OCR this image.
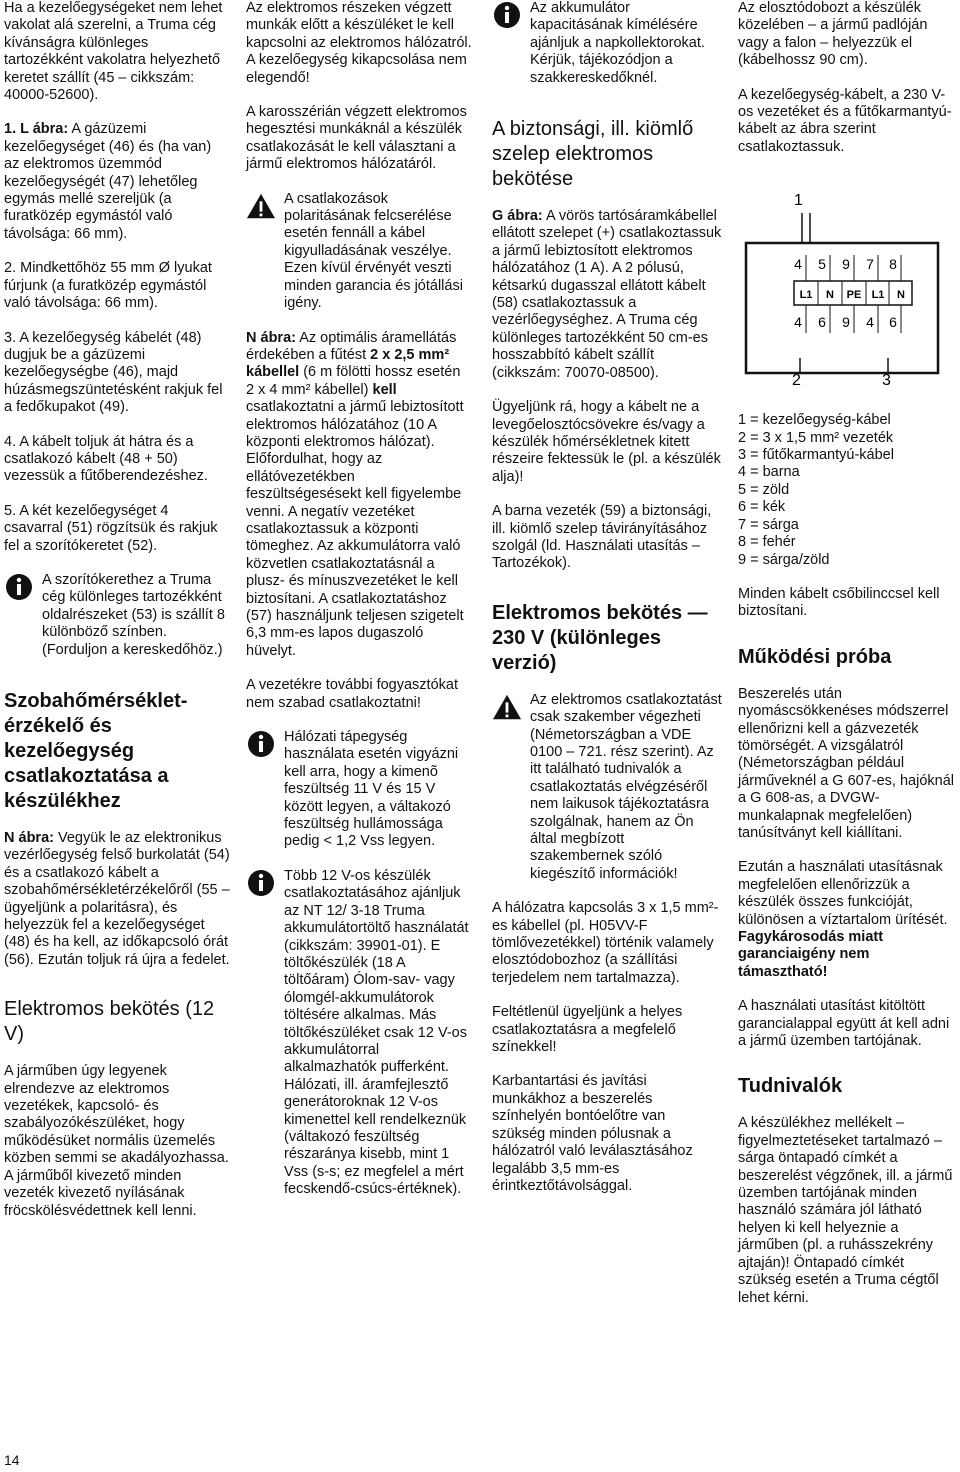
Ha a kezelőegységeket nem lehet vakolat alá szerelni, a Truma cég kívánságra különleges tartozékként vakolatra helyezhető keretet szállít (45 – cikkszám: 40000-52600).

1. L ábra: A gázüzemi kezelőegységet (46) és (ha van) az elektromos üzemmód kezelőegységét (47) lehetőleg egymás mellé szereljük (a furatközép egymástól való távolsága: 66 mm).

2. Mindkettőhöz 55 mm Ø lyukat fúrjunk (a furatközép egymástól való távolsága: 66 mm).

3. A kezelőegység kábelét (48) dugjuk be a gázüzemi kezelőegységbe (46), majd húzásmegszüntetésként rakjuk fel a fedőkupakot (49).

4. A kábelt toljuk át hátra és a csatlakozó kábelt (48 + 50) vezessük a fűtőberendezéshez.

5. A két kezelőegységet 4 csavarral (51) rögzítsük és rakjuk fel a szorítókeretet (52).

A szorítókerethez a Truma cég különleges tartozékként oldalrészeket (53) is szállít 8 különböző színben. (Forduljon a kereskedőhöz.)
Szobahőmérsékletérzékelő és kezelőegység csatlakoztatása a készülékhez

N ábra: Vegyük le az elektronikus vezérlőegység felső burkolatát (54) és a csatlakozó kábelt a szobahőmérsékletérzékelőről (55 – ügyeljünk a polaritásra), és helyezzük fel a kezelőegységet (48) és ha kell, az időkapcsoló órát (56). Ezután toljuk rá újra a fedelet.

Elektromos bekötés (12 V)

A járműben úgy legyenek elrendezve az elektromos vezetékek, kapcsoló- és szabályozókészüléket, hogy működésüket normális üzemelés közben semmi se akadályozhassa. A járműből kivezető minden vezeték kivezető nyílásának fröcskölésvédettnek kell lenni.

Az elektromos részeken végzett munkák előtt a készüléket le kell kapcsolni az elektromos hálózatról. A kezelőegység kikapcsolása nem elegendő!

A karosszérián végzett elektromos hegesztési munkáknál a készülék csatlakozását le kell választani a jármű elektromos hálózatáról.

A csatlakozások polaritásának felcserélése esetén fennáll a kábel kigyulladásának veszélye. Ezen kívül érvényét veszti minden garancia és jótállási igény.

N ábra: Az optimális áramellátás érdekében a fűtést 2 x 2,5 mm² kábellel (6 m fölötti hossz esetén 2 x 4 mm² kábellel) kell csatlakoztatni a jármű lebiztosított elektromos hálózatához (10 A központi elektromos hálózat). Előfordulhat, hogy az ellátóvezetékben feszültségesésekt kell figyelembe venni. A negatív vezetéket csatlakoztassuk a központi tömeghez. Az akkumulátorra való közvetlen csatlakoztatásnál a plusz- és mínuszvezetéket le kell biztosítani. A csatlakoztatáshoz (57) használjunk teljesen szigetelt 6,3 mm-es lapos dugaszoló hüvelyt.

A vezetékre további fogyasztókat nem szabad csatlakoztatni!

Hálózati tápegység használata esetén vigyázni kell arra, hogy a kimenõ feszültség 11 V és 15 V között legyen, a váltakozó feszültség hullámossága pedig < 1,2 Vss legyen.
Több 12 V-os készülék csatlakoztatásához ajánljuk az NT 12/ 3-18 Truma akkumulátortöltő használatát (cikkszám: 39901-01). E töltőkészülék (18 A töltőáram) Ólom-sav- vagy ólomgél-akkumulátorok töltésére alkalmas. Más töltőkészüléket csak 12 V-os akkumulátorral alkalmazhatók pufferként. Hálózati, ill. áramfejlesztő generátoroknak 12 V-os kimenettel kell rendelkeznük (váltakozó feszültség részaránya kisebb, mint 1 Vss (s-s; ez megfelel a mért fecskendő-csúcs-értéknek).
Az akkumulátor kapacitásának kímélésére ajánljuk a napkollektorokat. Kérjük, tájékozódjon a szakkereskedőknél.
A biztonsági, ill. kiömlő szelep elektromos bekötése

G ábra: A vörös tartósáramkábellel ellátott szelepet (+) csatlakoztassuk a jármű lebiztosított elektromos hálózatához (1 A). A 2 pólusú, kétsarkú dugasszal ellátott kábelt (58) csatlakoztassuk a vezérlőegységhez. A Truma cég különleges tartozékként 50 cm-es hosszabbító kábelt szállít (cikkszám: 70070-08500).

Ügyeljünk rá, hogy a kábelt ne a levegőelosztócsövekre és/vagy a készülék hőmérsékletnek kitett részeire fektessük le (pl. a készülék alja)!

A barna vezeték (59) a biztonsági, ill. kiömlő szelep távirányításához szolgál (ld. Használati utasítás – Tartozékok).

Elektromos bekötés — 230 V (különleges verzió)
Az elektromos csatlakoztatást csak szakember végezheti (Németországban a VDE 0100 – 721. rész szerint). Az itt található tudnivalók a csatlakoztatás elvégzéséről nem laikusok tájékoztatásra szolgálnak, hanem az Ön által megbízott szakembernek szóló kiegészítő információk!

A hálózatra kapcsolás 3 x 1,5 mm²-es kábellel (pl. H05VV-F tömlővezetékkel) történik valamely elosztódobozhoz (a szállítási terjedelem nem tartalmazza).

Feltétlenül ügyeljünk a helyes csatlakoztatásra a megfelelő színekkel!

Karbantartási és javítási munkákhoz a beszerelés színhelyén bontóelőtre van szükség minden pólusnak a hálózatról való leválasztásához legalább 3,5 mm-es érintkeztőtávolsággal.

Az elosztódobozt a készülék közelében – a jármű padlóján vagy a falon – helyezzük el (kábelhossz 90 cm).

A kezelőegység-kábelt, a 230 V-os vezetéket és a fűtőkarmantyú-kábelt az ábra szerint csatlakoztassuk.

1
2	3
L1 N PE L1 N
4 5 9 7 8
4 6 9 4 6
1 = kezelőegység-kábel
2 = 3 x 1,5 mm² vezeték
3 = fűtőkarmantyú-kábel
4 = barna
5 = zöld
6 = kék
7 = sárga
8 = fehér
9 = sárga/zöld

Minden kábelt csőbilinccsel kell biztosítani.

Működési próba

Beszerelés után nyomáscsökkenéses módszerrel ellenőrizni kell a gázvezeték tömörségét. A vizsgálatról (Németországban például járműveknél a G 607-es, hajóknál a G 608-as, a DVGW-munkalapnak megfelelően) tanúsítványt kell kiállítani.

Ezután a használati utasításnak megfelelően ellenőrizzük a készülék összes funkcióját, különösen a víztartalom ürítését. Fagykárosodás miatt garanciaigény nem támasztható!

A használati utasítást kitöltött garancialappal együtt át kell adni a jármű üzemben tartójának.

Tudnivalók

A készülékhez mellékelt – figyelmeztetéseket tartalmazó – sárga öntapadó címkét a beszerelést végzőnek, ill. a jármű üzemben tartójának minden használó számára jól látható helyen ki kell helyeznie a járműben (pl. a ruhásszekrény ajtaján)! Öntapadó címkét szükség esetén a Truma cégtől lehet kérni.

14
